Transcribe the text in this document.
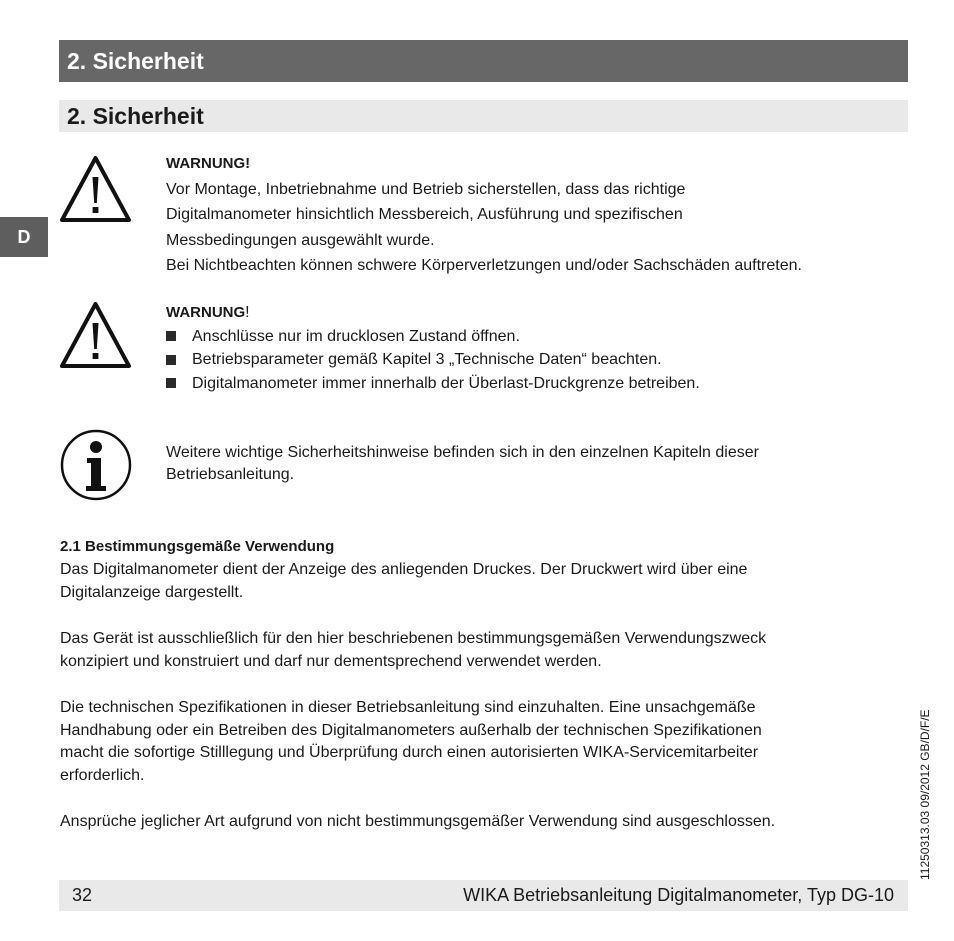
2. Sicherheit
2. Sicherheit
D

WARNUNG!

Vor Montage, Inbetriebnahme und Betrieb sicherstellen, dass das richtige

Digitalmanometer hinsichtlich Messbereich, Ausführung und spezifischen

Messbedingungen ausgewählt wurde.

Bei Nichtbeachten können schwere Körperverletzungen und/oder Sachschäden auftreten.

WARNUNG!

Anschlüsse nur im drucklosen Zustand öffnen.

Betriebsparameter gemäß Kapitel 3 „Technische Daten“ beachten.

Digitalmanometer immer innerhalb der Überlast-Druckgrenze betreiben.

Weitere wichtige Sicherheitshinweise befinden sich in den einzelnen Kapiteln dieser

Betriebsanleitung.

2.1 Bestimmungsgemäße Verwendung

Das Digitalmanometer dient der Anzeige des anliegenden Druckes. Der Druckwert wird über eine

Digitalanzeige dargestellt.

Das Gerät ist ausschließlich für den hier beschriebenen bestimmungsgemäßen Verwendungszweck

konzipiert und konstruiert und darf nur dementsprechend verwendet werden.

Die technischen Spezifikationen in dieser Betriebsanleitung sind einzuhalten. Eine unsachgemäße

Handhabung oder ein Betreiben des Digitalmanometers außerhalb der technischen Spezifikationen

macht die sofortige Stilllegung und Überprüfung durch einen autorisierten WIKA-Servicemitarbeiter

erforderlich.

Ansprüche jeglicher Art aufgrund von nicht bestimmungsgemäßer Verwendung sind ausgeschlossen.

32	WIKA Betriebsanleitung Digitalmanometer, Typ DG-10
11250313.03 09/2012 GB/D/F/E
